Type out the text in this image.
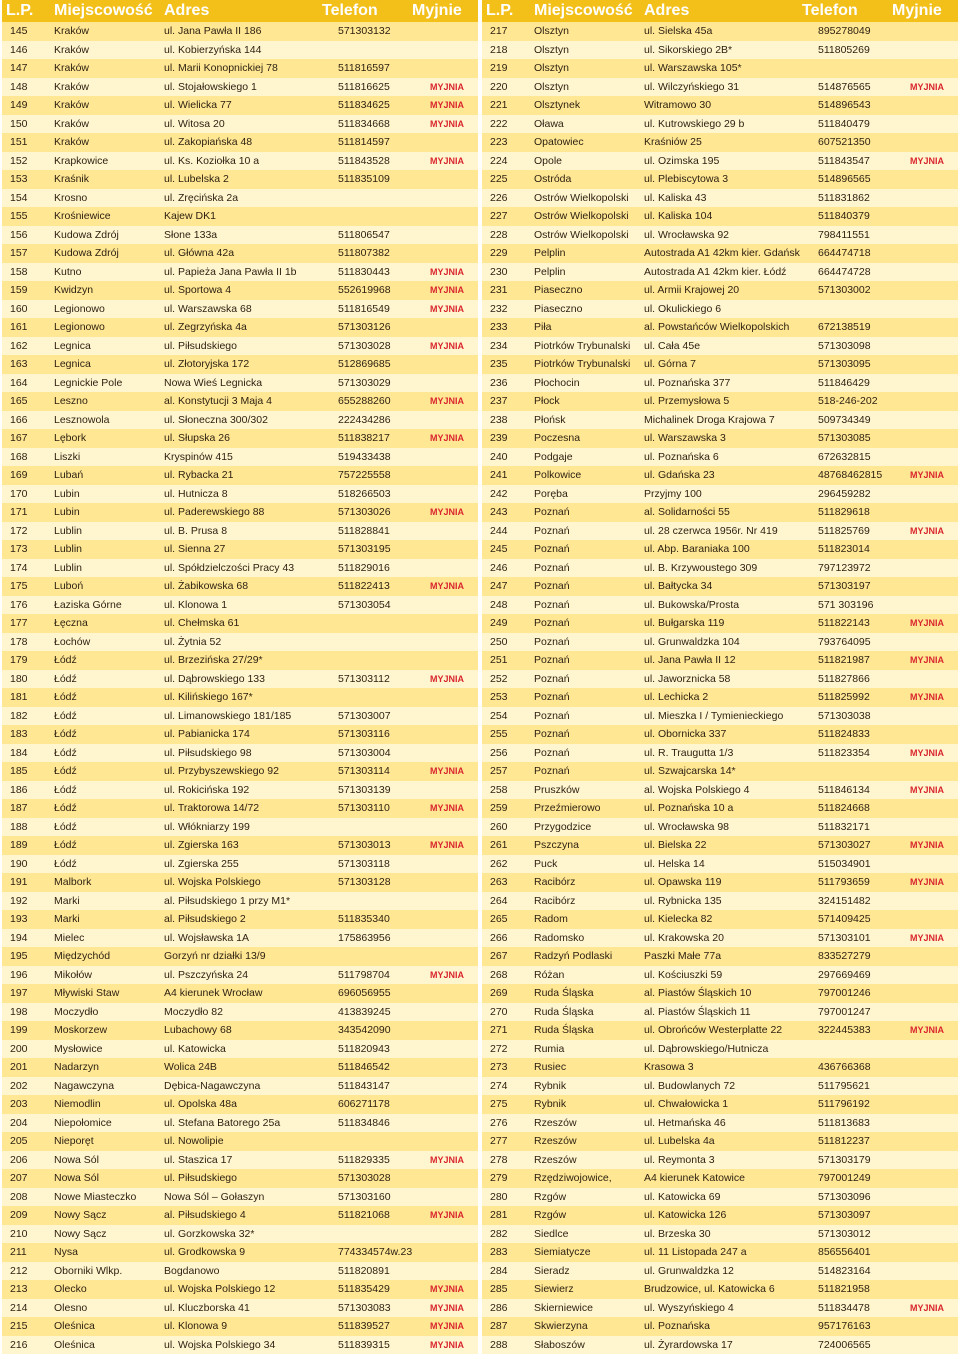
L.P. Miejscowość Adres	Telefon Myjnie
145	Kraków	ul. Jana Pawła II 186	571303132
146	Kraków	ul. Kobierzyńska 144
147	Kraków	ul. Marii Konopnickiej 78	511816597
148	Kraków	ul. Stojałowskiego 1	511816625	MYJNIA
149	Kraków	ul. Wielicka 77	511834625	MYJNIA
150	Kraków	ul. Witosa 20	511834668	MYJNIA
151	Kraków	ul. Zakopiańska 48	511814597
152	Krapkowice	ul. Ks. Koziołka 10 a	511843528	MYJNIA
153	Kraśnik	ul. Lubelska 2	511835109
154	Krosno	ul. Zręcińska 2a
155	Krośniewice	Kajew DK1
156	Kudowa Zdrój	Słone 133a	511806547
157	Kudowa Zdrój	ul. Główna 42a	511807382
158	Kutno	ul. Papieża Jana Pawła II 1b	511830443	MYJNIA
159	Kwidzyn	ul. Sportowa 4	552619968	MYJNIA
160	Legionowo	ul. Warszawska 68	511816549	MYJNIA
161	Legionowo	ul. Zegrzyńska 4a	571303126
162	Legnica	ul. Piłsudskiego	571303028	MYJNIA
163	Legnica	ul. Złotoryjska 172	512869685
164	Legnickie Pole	Nowa Wieś Legnicka	571303029
165	Leszno	al. Konstytucji 3 Maja 4	655288260	MYJNIA
166	Lesznowola	ul. Słoneczna 300/302	222434286
167	Lębork	ul. Słupska 26	511838217	MYJNIA
168	Liszki	Kryspinów 415	519433438
169	Lubań	ul. Rybacka 21	757225558
170	Lubin	ul. Hutnicza 8	518266503
171	Lubin	ul. Paderewskiego 88	571303026	MYJNIA
172	Lublin	ul. B. Prusa 8	511828841
173	Lublin	ul. Sienna 27	571303195
174	Lublin	ul. Spółdzielczości Pracy 43	511829016
175	Luboń	ul. Żabikowska 68	511822413	MYJNIA
176	Łaziska Górne	ul. Klonowa 1	571303054
177	Łęczna	ul. Chełmska 61
178	Łochów	ul. Żytnia 52
179	Łódź	ul. Brzezińska 27/29*
180	Łódź	ul. Dąbrowskiego 133	571303112	MYJNIA
181	Łódź	ul. Kilińskiego 167*
182	Łódź	ul. Limanowskiego 181/185	571303007
183	Łódź	ul. Pabianicka 174	571303116
184	Łódź	ul. Piłsudskiego 98	571303004
185	Łódź	ul. Przybyszewskiego 92	571303114	MYJNIA
186	Łódź	ul. Rokicińska 192	571303139
187	Łódź	ul. Traktorowa 14/72	571303110	MYJNIA
188	Łódź	ul. Włókniarzy 199
189	Łódź	ul. Zgierska 163	571303013	MYJNIA
190	Łódź	ul. Zgierska 255	571303118
191	Malbork	ul. Wojska Polskiego	571303128
192	Marki	al. Piłsudskiego 1 przy M1*
193	Marki	al. Piłsudskiego 2	511835340
194	Mielec	ul. Wojsławska 1A	175863956
195	Międzychód	Gorzyń nr działki 13/9
196	Mikołów	ul. Pszczyńska 24	511798704	MYJNIA
197	Mływiski Staw	A4 kierunek Wrocław	696056955
198	Moczydło	Moczydło 82	413839245
199	Moskorzew	Lubachowy 68	343542090
200	Mysłowice	ul. Katowicka	511820943
201	Nadarzyn	Wolica 24B	511846542
202	Nagawczyna	Dębica-Nagawczyna	511843147
203	Niemodlin	ul. Opolska 48a	606271178
204	Niepołomice	ul. Stefana Batorego 25a	511834846
205	Nieporęt	ul. Nowolipie
206	Nowa Sól	ul. Staszica 17	511829335	MYJNIA
207	Nowa Sól	ul. Piłsudskiego	571303028
208	Nowe Miasteczko	Nowa Sól – Gołaszyn	571303160
209	Nowy Sącz	al. Piłsudskiego 4	511821068	MYJNIA
210	Nowy Sącz	ul. Gorzkowska 32*
211	Nysa	ul. Grodkowska 9	774334574w.23
212	Oborniki Wlkp.	Bogdanowo	511820891
213	Olecko	ul. Wojska Polskiego 12	511835429	MYJNIA
214	Olesno	ul. Kluczborska 41	571303083	MYJNIA
215	Oleśnica	ul. Klonowa 9	511839527	MYJNIA
216	Oleśnica	ul. Wojska Polskiego 34	511839315	MYJNIA
L.P. Miejscowość Adres	Telefon Myjnie
217	Olsztyn	ul. Sielska 45a	895278049
218	Olsztyn	ul. Sikorskiego 2B*	511805269
219	Olsztyn	ul. Warszawska 105*
220	Olsztyn	ul. Wilczyńskiego 31	514876565	MYJNIA
221	Olsztynek	Witramowo 30	514896543
222	Oława	ul. Kutrowskiego 29 b	511840479
223	Opatowiec	Kraśniów 25	607521350
224	Opole	ul. Ozimska 195	511843547	MYJNIA
225	Ostróda	ul. Plebiscytowa 3	514896565
226	Ostrów Wielkopolski	ul. Kaliska 43	511831862
227	Ostrów Wielkopolski	ul. Kaliska 104	511840379
228	Ostrów Wielkopolski	ul. Wrocławska 92	798411551
229	Pelplin	Autostrada A1 42km kier. Gdańsk	664474718
230	Pelplin	Autostrada A1 42km kier. Łódź	664474728
231	Piaseczno	ul. Armii Krajowej 20	571303002
232	Piaseczno	ul. Okulickiego 6
233	Piła	al. Powstańców Wielkopolskich	672138519
234	Piotrków Trybunalski	ul. Cała 45e	571303098
235	Piotrków Trybunalski	ul. Górna 7	571303095
236	Płochocin	ul. Poznańska 377	511846429
237	Płock	ul. Przemysłowa 5	518-246-202
238	Płońsk	Michalinek Droga Krajowa 7	509734349
239	Poczesna	ul. Warszawska 3	571303085
240	Podgaje	ul. Poznańska 6	672632815
241	Polkowice	ul. Gdańska 23	48768462815	MYJNIA
242	Poręba	Przyjmy 100	296459282
243	Poznań	al. Solidarności 55	511829618
244	Poznań	ul. 28 czerwca 1956r. Nr 419	511825769	MYJNIA
245	Poznań	ul. Abp. Baraniaka 100	511823014
246	Poznań	ul. B. Krzywoustego 309	797123972
247	Poznań	ul. Bałtycka 34	571303197
248	Poznań	ul. Bukowska/Prosta	571 303196
249	Poznań	ul. Bułgarska 119	511822143	MYJNIA
250	Poznań	ul. Grunwaldzka 104	793764095
251	Poznań	ul. Jana Pawła II 12	511821987	MYJNIA
252	Poznań	ul. Jaworznicka 58	511827866
253	Poznań	ul. Lechicka 2	511825992	MYJNIA
254	Poznań	ul. Mieszka I / Tymienieckiego	571303038
255	Poznań	ul. Obornicka 337	511824833
256	Poznań	ul. R. Traugutta 1/3	511823354	MYJNIA
257	Poznań	ul. Szwajcarska 14*
258	Pruszków	al. Wojska Polskiego 4	511846134	MYJNIA
259	Przeźmierowo	ul. Poznańska 10 a	511824668
260	Przygodzice	ul. Wrocławska 98	511832171
261	Pszczyna	ul. Bielska 22	571303027	MYJNIA
262	Puck	ul. Helska 14	515034901
263	Racibórz	ul. Opawska 119	511793659	MYJNIA
264	Racibórz	ul. Rybnicka 135	324151482
265	Radom	ul. Kielecka 82	571409425
266	Radomsko	ul. Krakowska 20	571303101	MYJNIA
267	Radzyń Podlaski	Paszki Małe 77a	833527279
268	Różan	ul. Kościuszki 59	297669469
269	Ruda Śląska	al. Piastów Śląskich 10	797001246
270	Ruda Śląska	al. Piastów Śląskich 11	797001247
271	Ruda Śląska	ul. Obrońców Westerplatte 22	322445383	MYJNIA
272	Rumia	ul. Dąbrowskiego/Hutnicza
273	Rusiec	Krasowa 3	436766368
274	Rybnik	ul. Budowlanych 72	511795621
275	Rybnik	ul. Chwałowicka 1	511796192
276	Rzeszów	ul. Hetmańska 46	511813683
277	Rzeszów	ul. Lubelska 4a	511812237
278	Rzeszów	ul. Reymonta 3	571303179
279	Rzędziwojowice,	A4 kierunek Katowice	797001249
280	Rzgów	ul. Katowicka 69	571303096
281	Rzgów	ul. Katowicka 126	571303097
282	Siedlce	ul. Brzeska 30	571303012
283	Siemiatycze	ul. 11 Listopada 247 a	856556401
284	Sieradz	ul. Grunwaldzka 12	514823164
285	Siewierz	Brudzowice, ul. Katowicka 6	511821958
286	Skierniewice	ul. Wyszyńskiego 4	511834478	MYJNIA
287	Skwierzyna	ul. Poznańska	957176163
288	Słaboszów	ul. Żyrardowska 17	724006565
